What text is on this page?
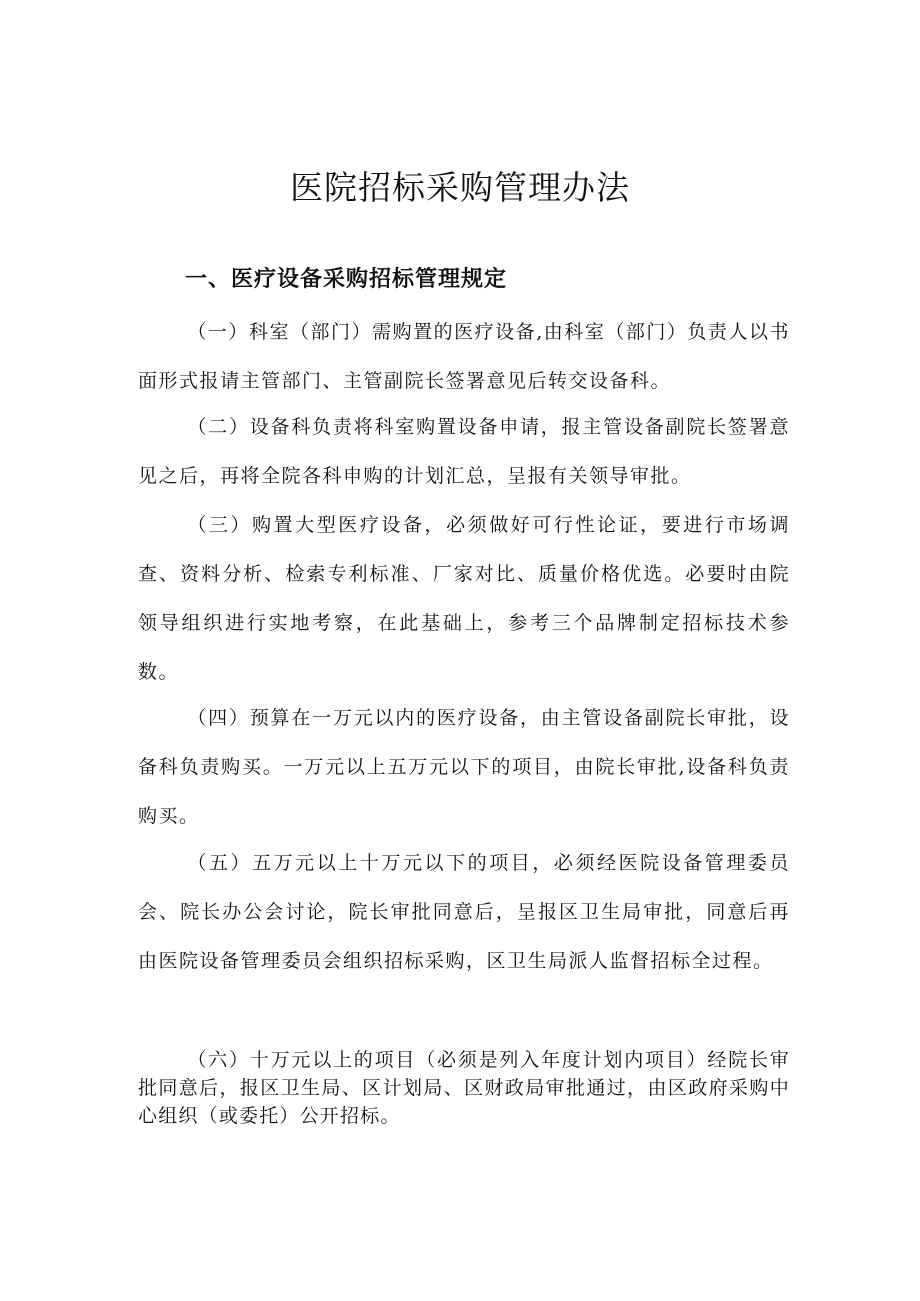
医院招标采购管理办法
一、医疗设备采购招标管理规定

（一）科室（部门）需购置的医疗设备,由科室（部门）负责人以书面形式报请主管部门、主管副院长签署意见后转交设备科。

（二）设备科负责将科室购置设备申请，报主管设备副院长签署意见之后，再将全院各科申购的计划汇总，呈报有关领导审批。

（三）购置大型医疗设备，必须做好可行性论证，要进行市场调查、资料分析、检索专利标准、厂家对比、质量价格优选。必要时由院领导组织进行实地考察，在此基础上，参考三个品牌制定招标技术参数。

（四）预算在一万元以内的医疗设备，由主管设备副院长审批，设备科负责购买。一万元以上五万元以下的项目，由院长审批,设备科负责购买。

（五）五万元以上十万元以下的项目，必须经医院设备管理委员会、院长办公会讨论，院长审批同意后，呈报区卫生局审批，同意后再由医院设备管理委员会组织招标采购，区卫生局派人监督招标全过程。

（六）十万元以上的项目（必须是列入年度计划内项目）经院长审批同意后，报区卫生局、区计划局、区财政局审批通过，由区政府采购中心组织（或委托）公开招标。
